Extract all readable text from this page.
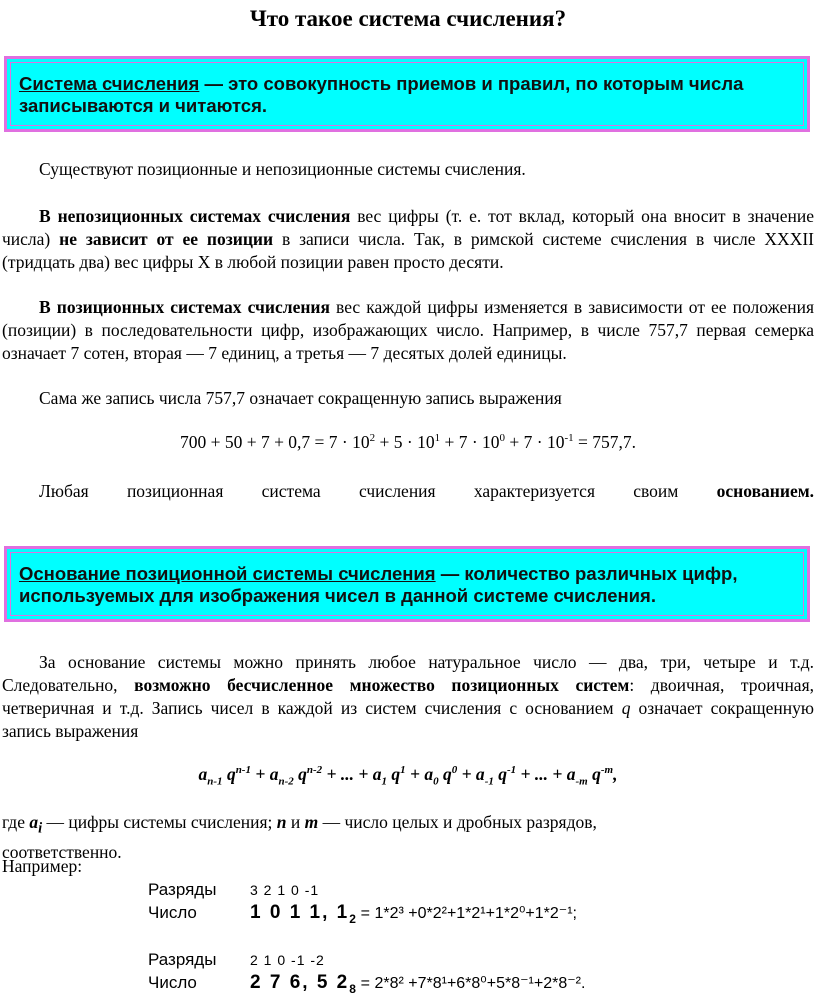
Что такое система счисления?
Система счисления — это совокупность приемов и правил, по которым числа записываются и читаются.
Существуют позиционные и непозиционные системы счисления.
В непозиционных системах счисления вес цифры (т. е. тот вклад, который она вносит в значение числа) не зависит от ее позиции в записи числа. Так, в римской системе счисления в числе XXXII (тридцать два) вес цифры X в любой позиции равен просто десяти.
В позиционных системах счисления вес каждой цифры изменяется в зависимости от ее положения (позиции) в последовательности цифр, изображающих число. Например, в числе 757,7 первая семерка означает 7 сотен, вторая — 7 единиц, а третья — 7 десятых долей единицы.
Сама же запись числа 757,7 означает сокращенную запись выражения
$700 + 50 + 7 + 0,7 = 7 \cdot 10^2 + 5 \cdot 10^1 + 7 \cdot 10^0 + 7 \cdot 10^{-1} = 757,7$.
Любая позиционная система счисления характеризуется своим основанием.
Основание позиционной системы счисления — количество различных цифр, используемых для изображения чисел в данной системе счисления.
За основание системы можно принять любое натуральное число — два, три, четыре и т.д. Следовательно, возможно бесчисленное множество позиционных систем: двоичная, троичная, четверичная и т.д. Запись чисел в каждой из систем счисления с основанием q означает сокращенную запись выражения
$a_{n-1}$ $q^{n-1} + a_{n-2}$ $q^{n-2}$ + ... + $a_1$ $q^1 + a_0$ $q^0 + a_{-1}$ $q^{-1}$ + ... + $a_{-m}$ $q^{-m}$,
где $a_i$ — цифры системы счисления; n и m — число целых и дробных разрядов, соответственно.
Например:
Разряды 3 2 1 0 -1
Число	1 0 1 1, $1_2 = 1*2^3 +0*2^2+1*2^1+1*2^0+1*2^{-1}$;
Разряды 2 1 0 -1 -2
Число	2 7 6, 5 $2_8 = 2*8^2 +7*8^1+6*8^0+5*8^{-1}+2*8^{-2}$.
